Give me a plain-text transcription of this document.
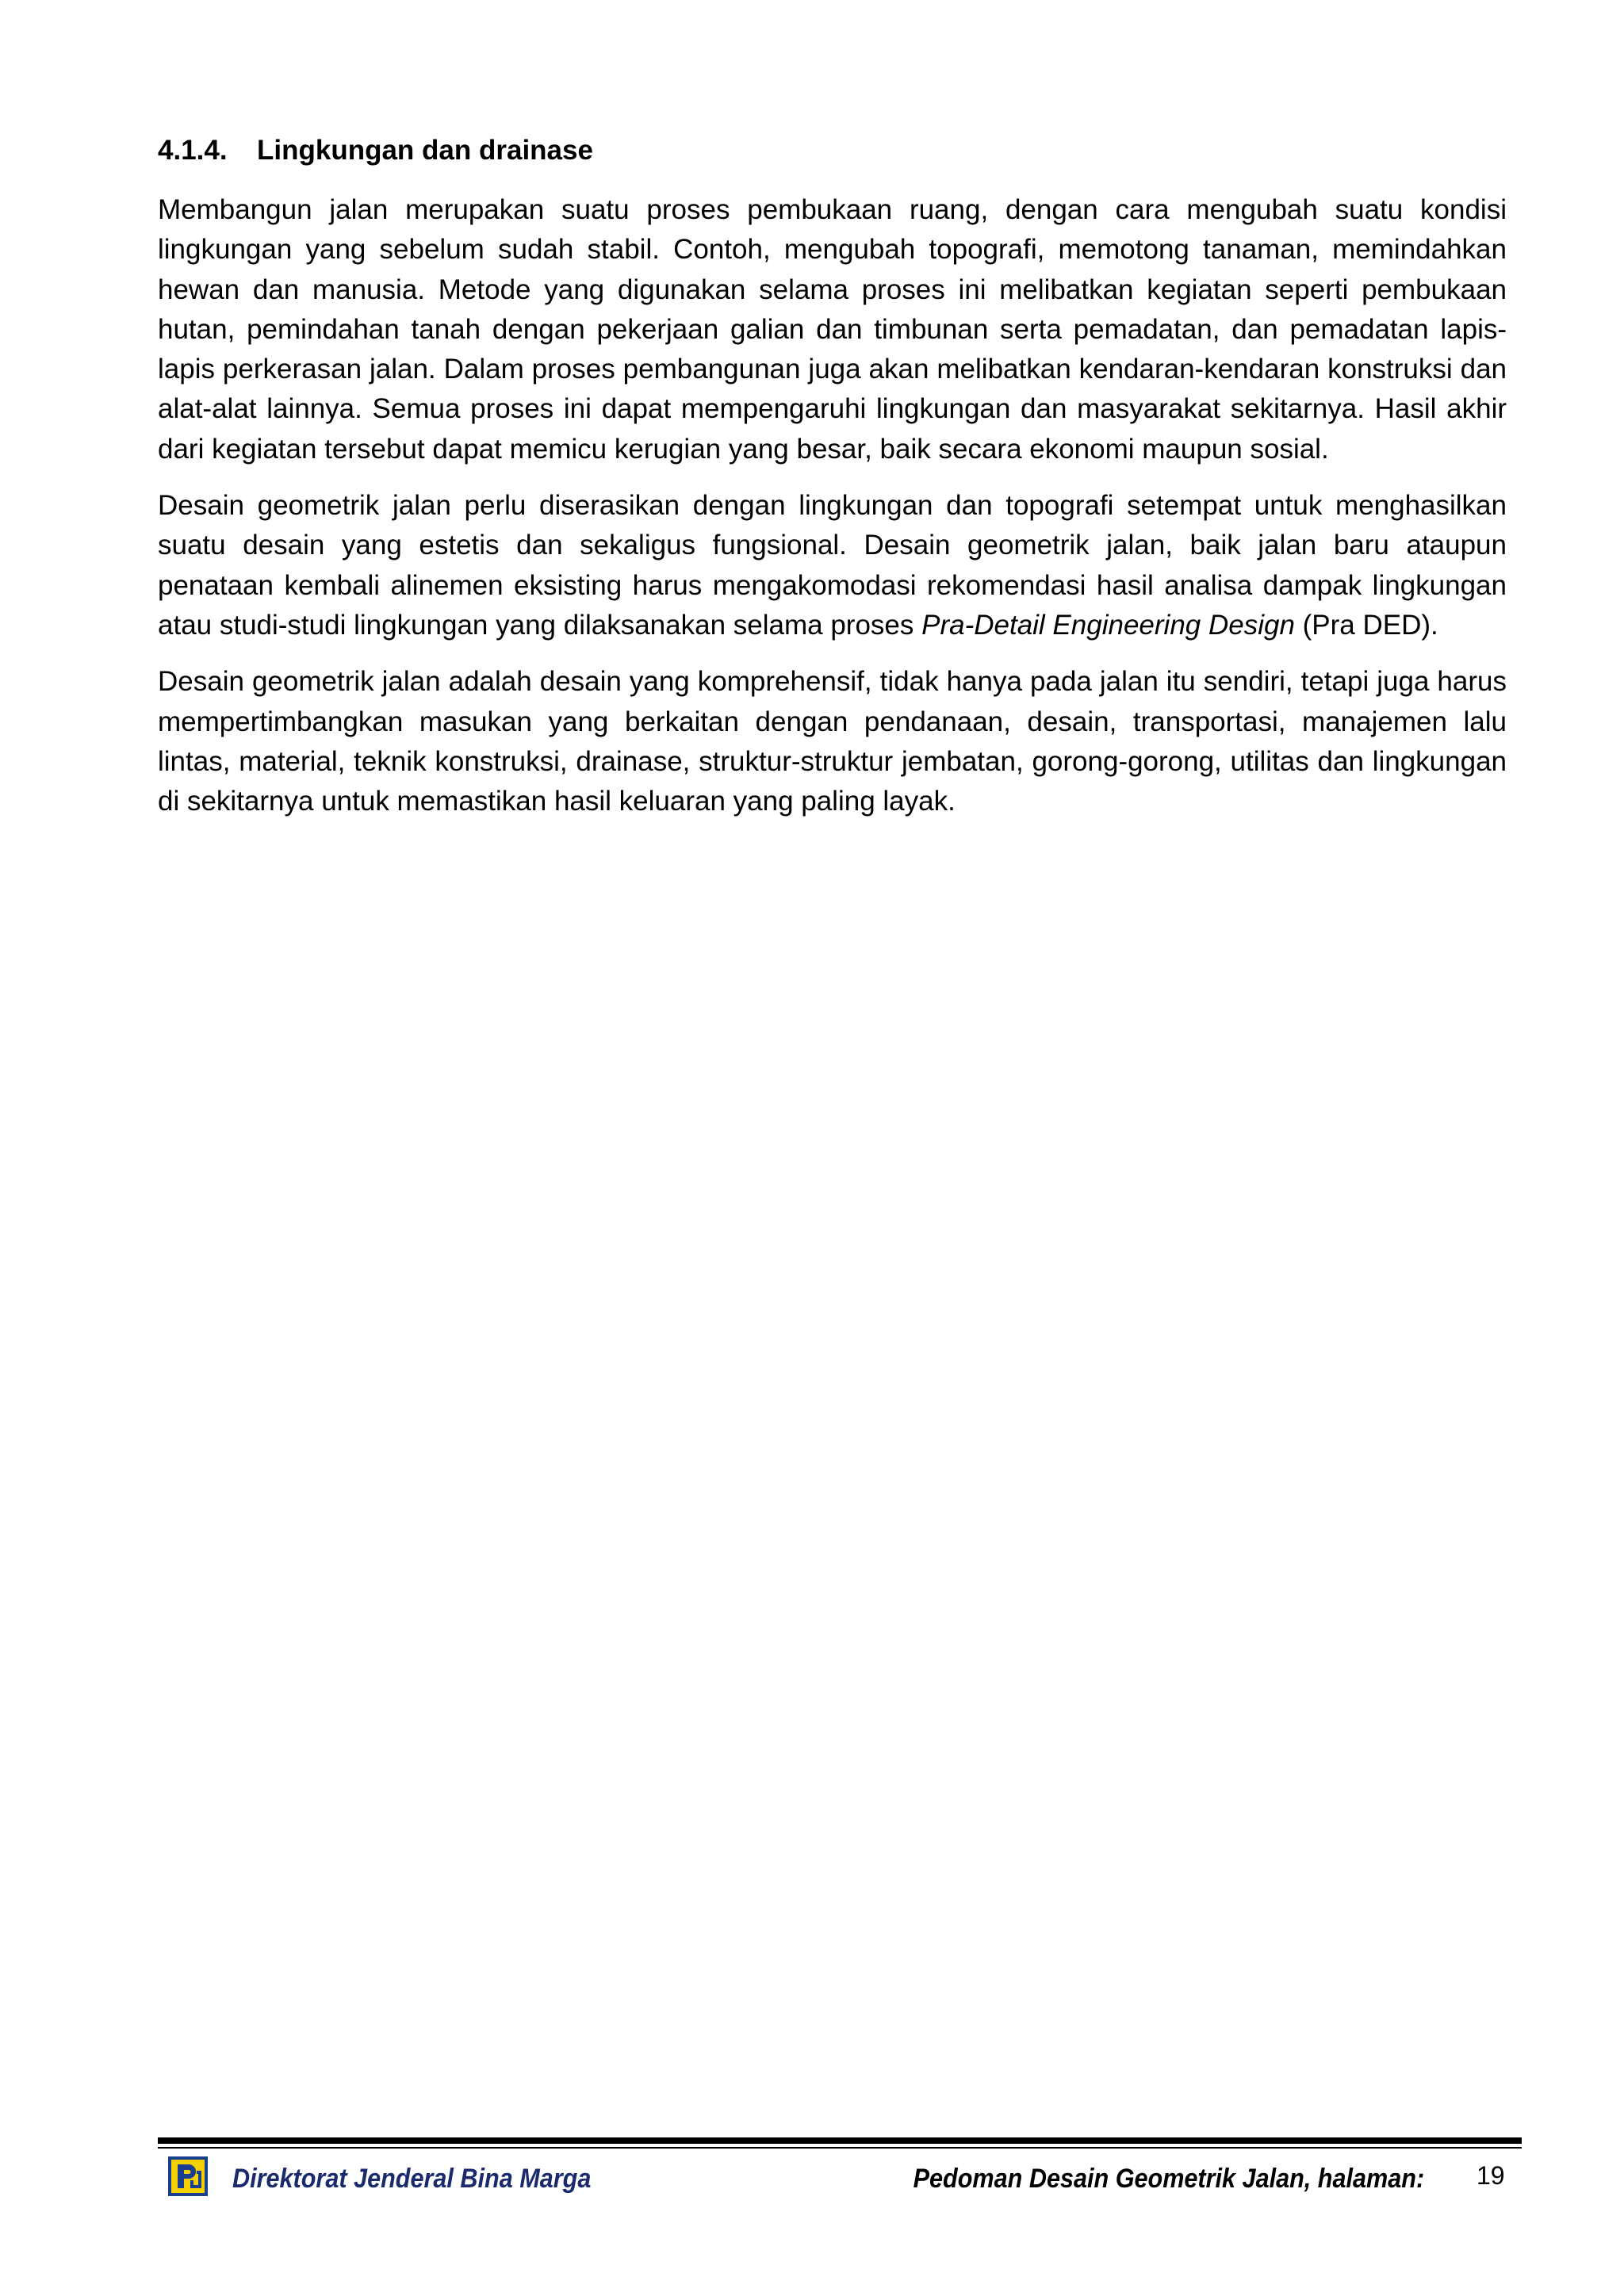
4.1.4. Lingkungan dan drainase

Membangun jalan merupakan suatu proses pembukaan ruang, dengan cara mengubah suatu kondisi lingkungan yang sebelum sudah stabil. Contoh, mengubah topografi, memotong tanaman, memindahkan hewan dan manusia. Metode yang digunakan selama proses ini melibatkan kegiatan seperti pembukaan hutan, pemindahan tanah dengan pekerjaan galian dan timbunan serta pemadatan, dan pemadatan lapis-lapis perkerasan jalan. Dalam proses pembangunan juga akan melibatkan kendaran-kendaran konstruksi dan alat-alat lainnya. Semua proses ini dapat mempengaruhi lingkungan dan masyarakat sekitarnya. Hasil akhir dari kegiatan tersebut dapat memicu kerugian yang besar, baik secara ekonomi maupun sosial.

Desain geometrik jalan perlu diserasikan dengan lingkungan dan topografi setempat untuk menghasilkan suatu desain yang estetis dan sekaligus fungsional. Desain geometrik jalan, baik jalan baru ataupun penataan kembali alinemen eksisting harus mengakomodasi rekomendasi hasil analisa dampak lingkungan atau studi-studi lingkungan yang dilaksanakan selama proses Pra-Detail Engineering Design (Pra DED).

Desain geometrik jalan adalah desain yang komprehensif, tidak hanya pada jalan itu sendiri, tetapi juga harus mempertimbangkan masukan yang berkaitan dengan pendanaan, desain, transportasi, manajemen lalu lintas, material, teknik konstruksi, drainase, struktur-struktur jembatan, gorong-gorong, utilitas dan lingkungan di sekitarnya untuk memastikan hasil keluaran yang paling layak.

Direktorat Jenderal Bina Marga	Pedoman Desain Geometrik Jalan, halaman: 19
